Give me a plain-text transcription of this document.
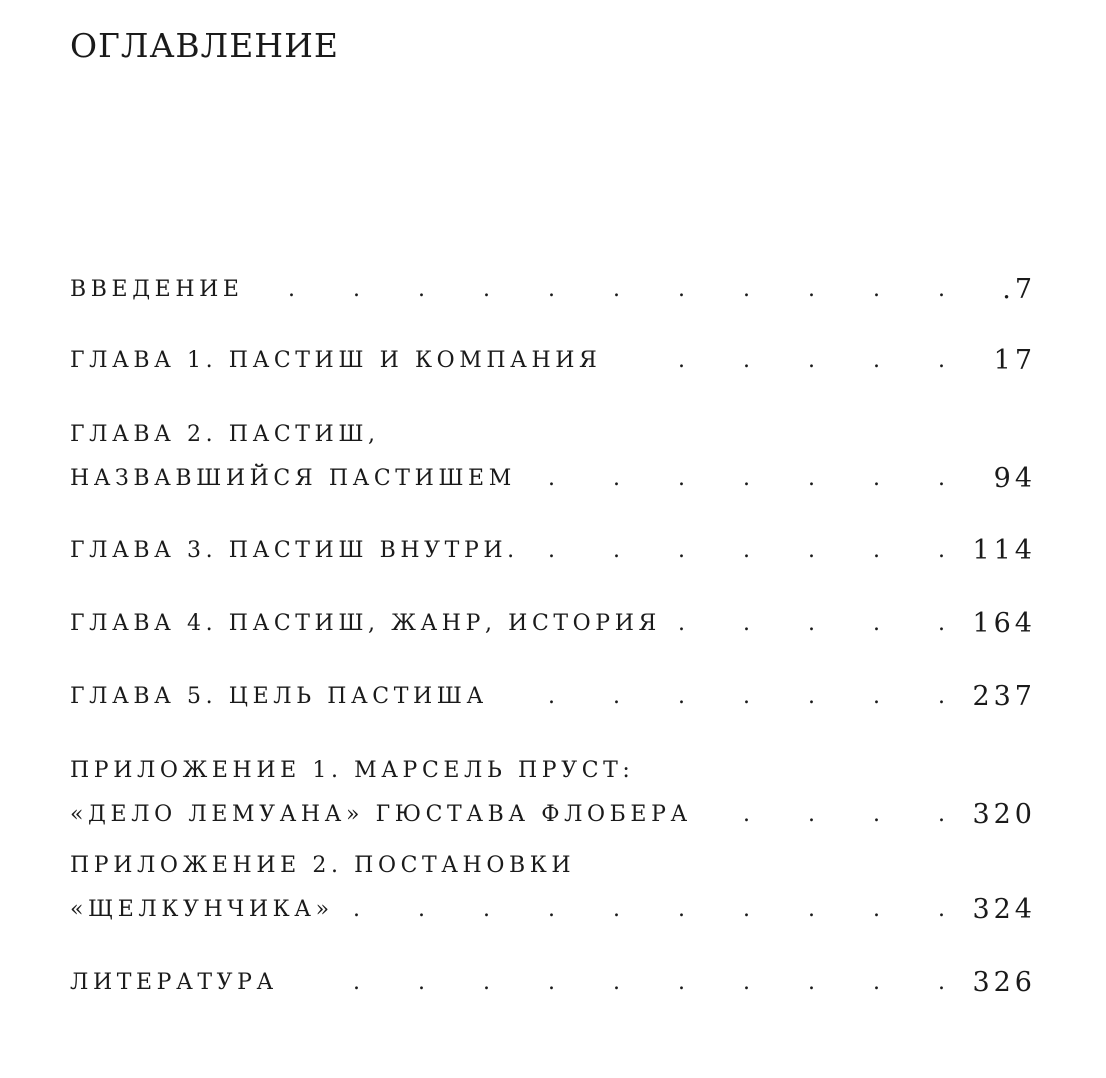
ОГЛАВЛЕНИЕ
ВВЕДЕНИЕ	.	.	.	.	.	.	.	.	.	.	.	.7
ГЛАВА 1. ПАСТИШ И КОМПАНИЯ	.	.	.	.	.	17
ГЛАВА 2. ПАСТИШ,
НАЗВАВШИЙСЯ ПАСТИШЕМ	.	.	.	.	.	.	.	94
ГЛАВА 3. ПАСТИШ ВНУТРИ.	.	.	.	.	.	.	.	114
ГЛАВА 4. ПАСТИШ, ЖАНР, ИСТОРИЯ .	.	.	.	.	164
ГЛАВА 5. ЦЕЛЬ ПАСТИША	.	.	.	.	.	.	.	237
ПРИЛОЖЕНИЕ 1. МАРСЕЛЬ ПРУСТ:
«ДЕЛО ЛЕМУАНА» ГЮСТАВА ФЛОБЕРА	.	.	.	.	320
ПРИЛОЖЕНИЕ 2. ПОСТАНОВКИ
«ЩЕЛКУНЧИКА» .	.	.	.	.	.	.	.	.	.	324
ЛИТЕРАТУРА	.	.	.	.	.	.	.	.	.	.	326
